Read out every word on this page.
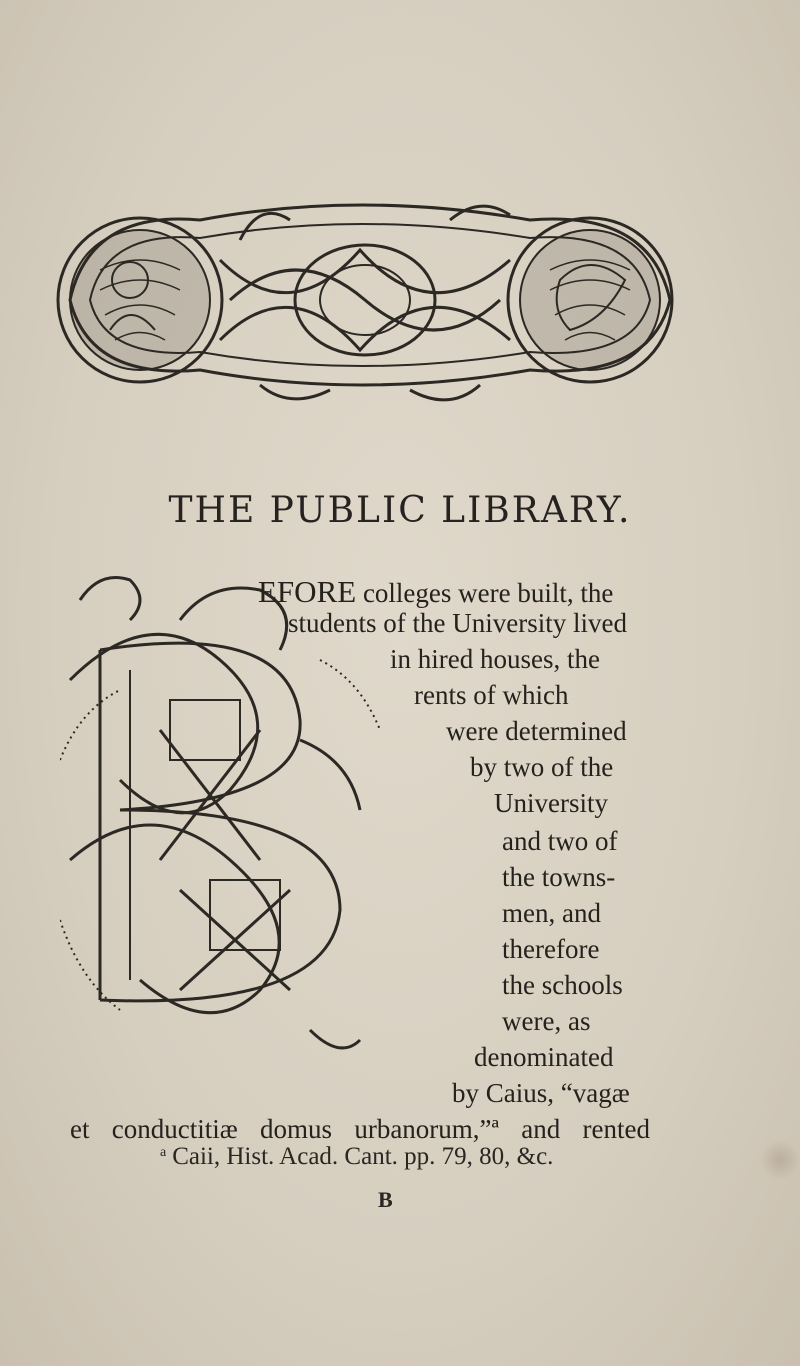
THE PUBLIC LIBRARY.
EFORE colleges were built, the
students of the University lived
in hired houses, the
rents of which
were determined
by two of the
University
and two of
the towns-
men, and
therefore
the schools
were, as
denominated
by Caius, “vagæ
et conductitiæ domus urbanorum,”ª and rented
$^a$ Caii, Hist. Acad. Cant. pp. 79, 80, &c.
B
